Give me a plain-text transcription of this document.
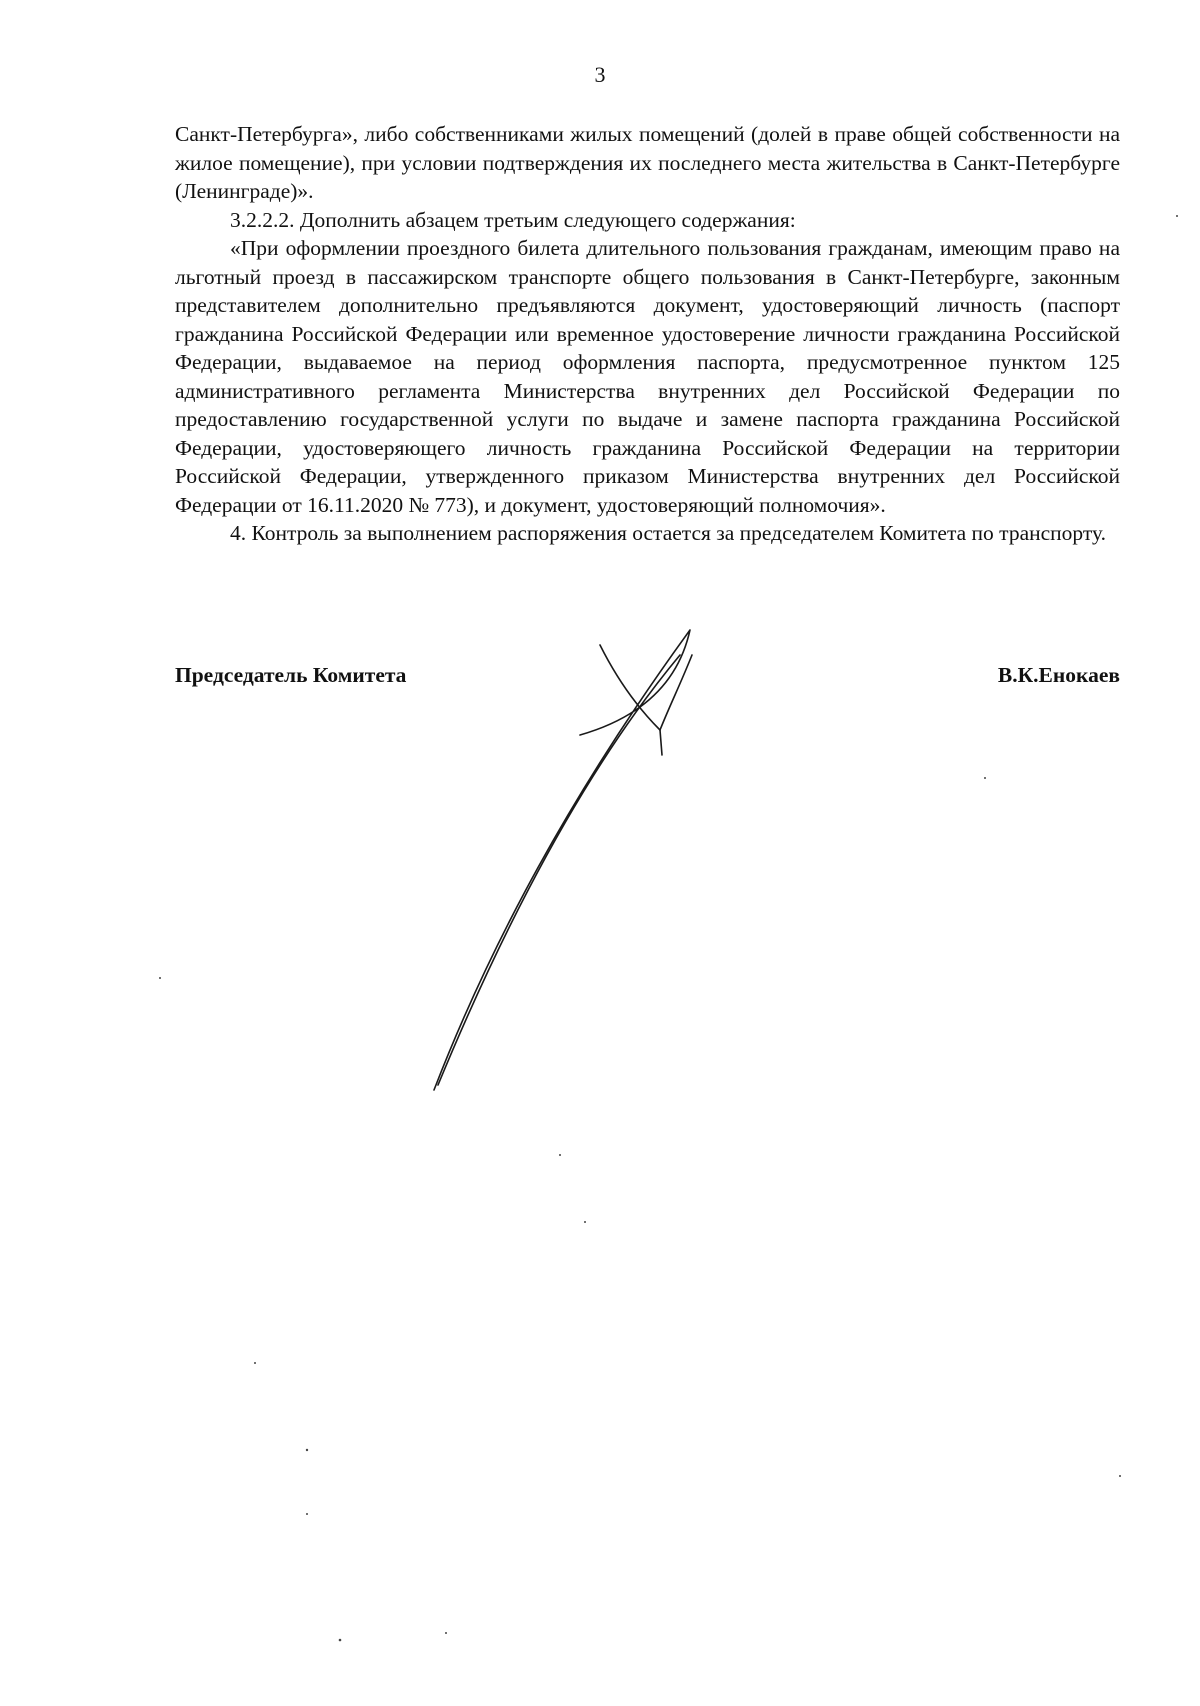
3

Санкт-Петербурга», либо собственниками жилых помещений (долей в праве общей собственности на жилое помещение), при условии подтверждения их последнего места жительства в Санкт-Петербурге (Ленинграде)».

3.2.2.2. Дополнить абзацем третьим следующего содержания:

«При оформлении проездного билета длительного пользования гражданам, имеющим право на льготный проезд в пассажирском транспорте общего пользования в Санкт-Петербурге, законным представителем дополнительно предъявляются документ, удостоверяющий личность (паспорт гражданина Российской Федерации или временное удостоверение личности гражданина Российской Федерации, выдаваемое на период оформления паспорта, предусмотренное пунктом 125 административного регламента Министерства внутренних дел Российской Федерации по предоставлению государственной услуги по выдаче и замене паспорта гражданина Российской Федерации, удостоверяющего личность гражданина Российской Федерации на территории Российской Федерации, утвержденного приказом Министерства внутренних дел Российской Федерации от 16.11.2020 № 773), и документ, удостоверяющий полномочия».

4. Контроль за выполнением распоряжения остается за председателем Комитета по транспорту.

Председатель Комитета	В.К.Енокаев
